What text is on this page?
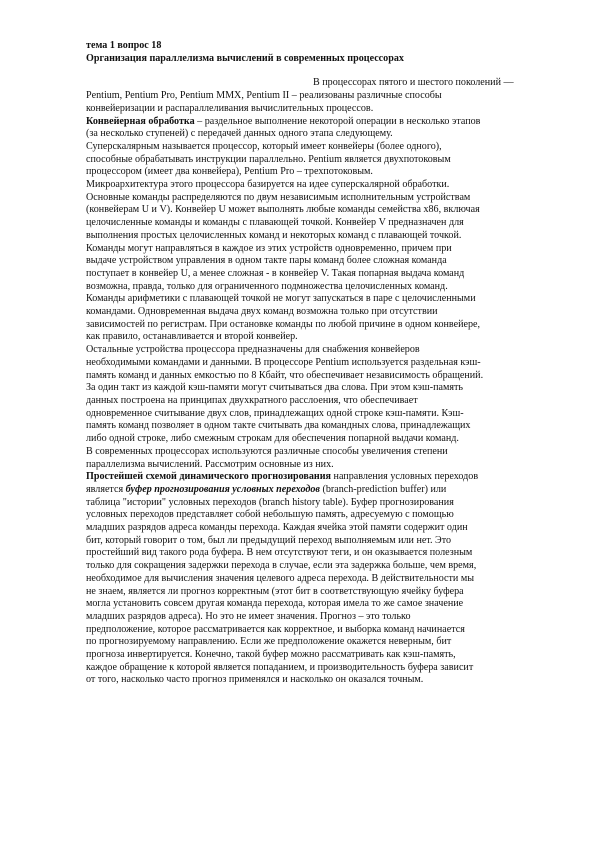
тема 1 вопрос 18
Организация параллелизма вычислений в современных процессорах
В процессорах пятого и шестого поколений —
Pentium, Pentium Pro, Pentium MMX, Pentium II – реализованы различные способы
конвейеризации и распараллеливания вычислительных процессов.
Конвейерная обработка – раздельное выполнение некоторой операции в несколько этапов
(за несколько ступеней) с передачей данных одного этапа следующему.
Суперскалярным называется процессор, который имеет конвейеры (более одного),
способные обрабатывать инструкции параллельно. Pentium является двухпотоковым
процессором (имеет два конвейера), Pentium Pro – трехпотоковым.
Микроархитектура этого процессора базируется на идее суперскалярной обработки.
Основные команды распределяются по двум независимым исполнительным устройствам
(конвейерам U и V). Конвейер U может выполнять любые команды семейства x86, включая
целочисленные команды и команды с плавающей точкой. Конвейер V предназначен для
выполнения простых целочисленных команд и некоторых команд с плавающей точкой.
Команды могут направляться в каждое из этих устройств одновременно, причем при
выдаче устройством управления в одном такте пары команд более сложная команда
поступает в конвейер U, а менее сложная - в конвейер V. Такая попарная выдача команд
возможна, правда, только для ограниченного подмножества целочисленных команд.
Команды арифметики с плавающей точкой не могут запускаться в паре с целочисленными
командами. Одновременная выдача двух команд возможна только при отсутствии
зависимостей по регистрам. При остановке команды по любой причине в одном конвейере,
как правило, останавливается и второй конвейер.
Остальные устройства процессора предназначены для снабжения конвейеров
необходимыми командами и данными. В процессоре Pentium используется раздельная кэш-
память команд и данных емкостью по 8 Кбайт, что обеспечивает независимость обращений.
За один такт из каждой кэш-памяти могут считываться два слова. При этом кэш-память
данных построена на принципах двухкратного расслоения, что обеспечивает
одновременное считывание двух слов, принадлежащих одной строке кэш-памяти. Кэш-
память команд позволяет в одном такте считывать два командных слова, принадлежащих
либо одной строке, либо смежным строкам для обеспечения попарной выдачи команд.
В современных процессорах используются различные способы увеличения степени
параллелизма вычислений. Рассмотрим основные из них.
Простейшей схемой динамического прогнозирования направления условных переходов
является буфер прогнозирования условных переходов (branch-prediction buffer) или
таблица "истории" условных переходов (branch history table). Буфер прогнозирования
условных переходов представляет собой небольшую память, адресуемую с помощью
младших разрядов адреса команды перехода. Каждая ячейка этой памяти содержит один
бит, который говорит о том, был ли предыдущий переход выполняемым или нет. Это
простейший вид такого рода буфера. В нем отсутствуют теги, и он оказывается полезным
только для сокращения задержки перехода в случае, если эта задержка больше, чем время,
необходимое для вычисления значения целевого адреса перехода. В действительности мы
не знаем, является ли прогноз корректным (этот бит в соответствующую ячейку буфера
могла установить совсем другая команда перехода, которая имела то же самое значение
младших разрядов адреса). Но это не имеет значения. Прогноз – это только
предположение, которое рассматривается как корректное, и выборка команд начинается
по прогнозируемому направлению. Если же предположение окажется неверным, бит
прогноза инвертируется. Конечно, такой буфер можно рассматривать как кэш-память,
каждое обращение к которой является попаданием, и производительность буфера зависит
от того, насколько часто прогноз применялся и насколько он оказался точным.
